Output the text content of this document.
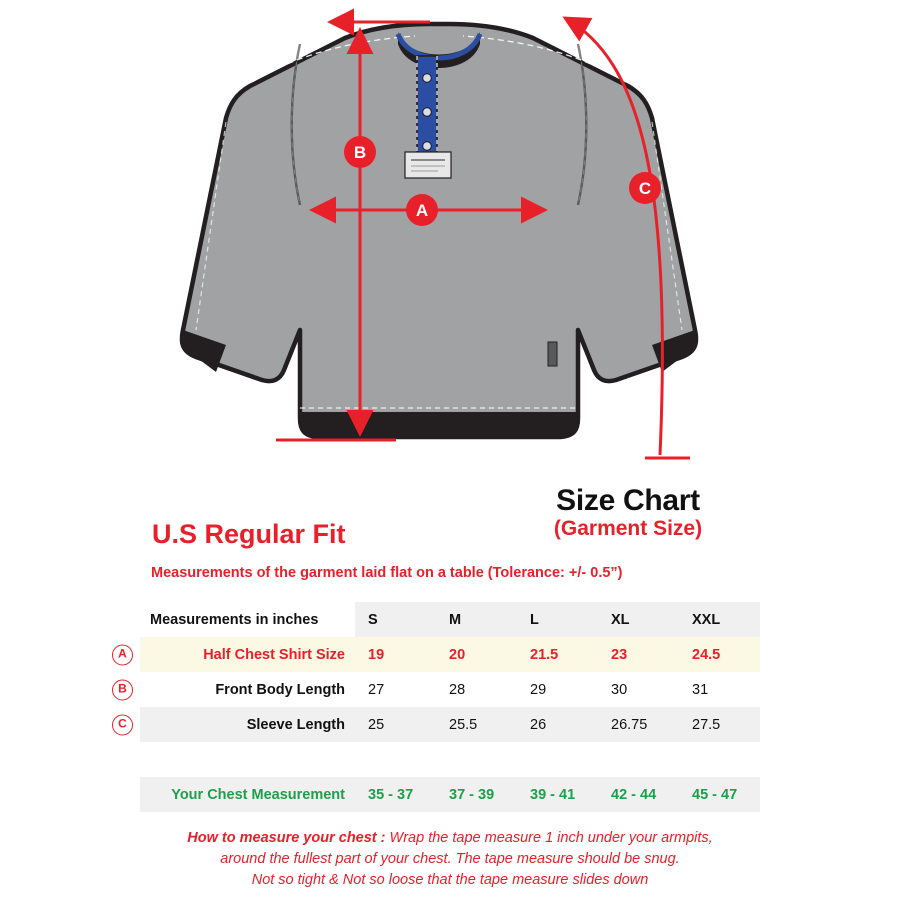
B
A
C
Size Chart
(Garment Size)
U.S Regular Fit
Measurements of the garment laid flat on a table (Tolerance: +/- 0.5”)
Measurements in inches	S	M	L	XL	XXL

A Half Chest Shirt Size	19	20	21.5	23	24.5

B Front Body Length	27	28	29	30	31

C Sleeve Length	25	25.5	26	26.75	27.5

Your Chest Measurement	35 - 37	37 - 39	39 - 41	42 - 44	45 - 47
How to measure your chest : Wrap the tape measure 1 inch under your armpits,
around the fullest part of your chest. The tape measure should be snug.
Not so tight & Not so loose that the tape measure slides down
